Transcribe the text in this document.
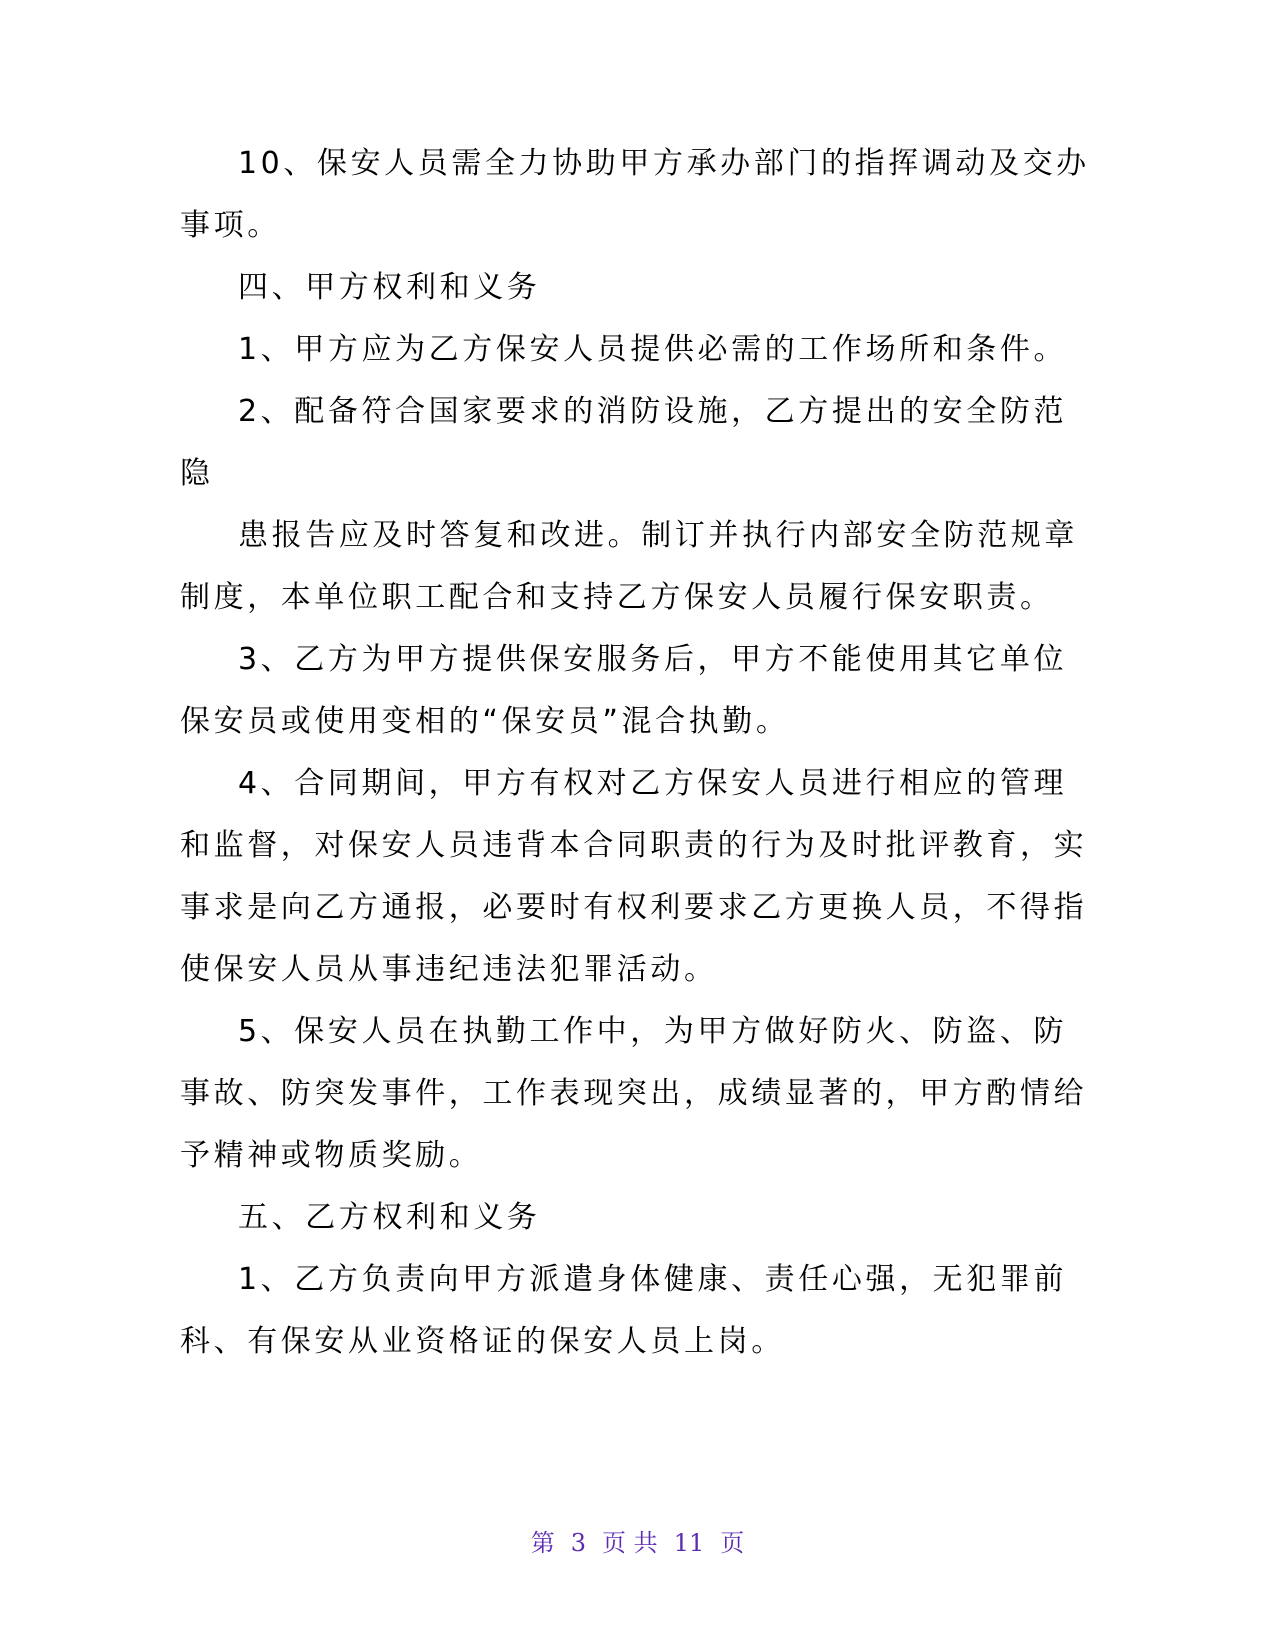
10、保安人员需全力协助甲方承办部门的指挥调动及交办
事项。
四、甲方权利和义务
1、甲方应为乙方保安人员提供必需的工作场所和条件。
2、配备符合国家要求的消防设施，乙方提出的安全防范
隐
患报告应及时答复和改进。制订并执行内部安全防范规章
制度，本单位职工配合和支持乙方保安人员履行保安职责。
3、乙方为甲方提供保安服务后，甲方不能使用其它单位
保安员或使用变相的“保安员”混合执勤。
4、合同期间，甲方有权对乙方保安人员进行相应的管理
和监督，对保安人员违背本合同职责的行为及时批评教育，实
事求是向乙方通报，必要时有权利要求乙方更换人员，不得指
使保安人员从事违纪违法犯罪活动。
5、保安人员在执勤工作中，为甲方做好防火、防盗、防
事故、防突发事件，工作表现突出，成绩显著的，甲方酌情给
予精神或物质奖励。
五、乙方权利和义务
1、乙方负责向甲方派遣身体健康、责任心强，无犯罪前
科、有保安从业资格证的保安人员上岗。
第 3 页 共 11 页
